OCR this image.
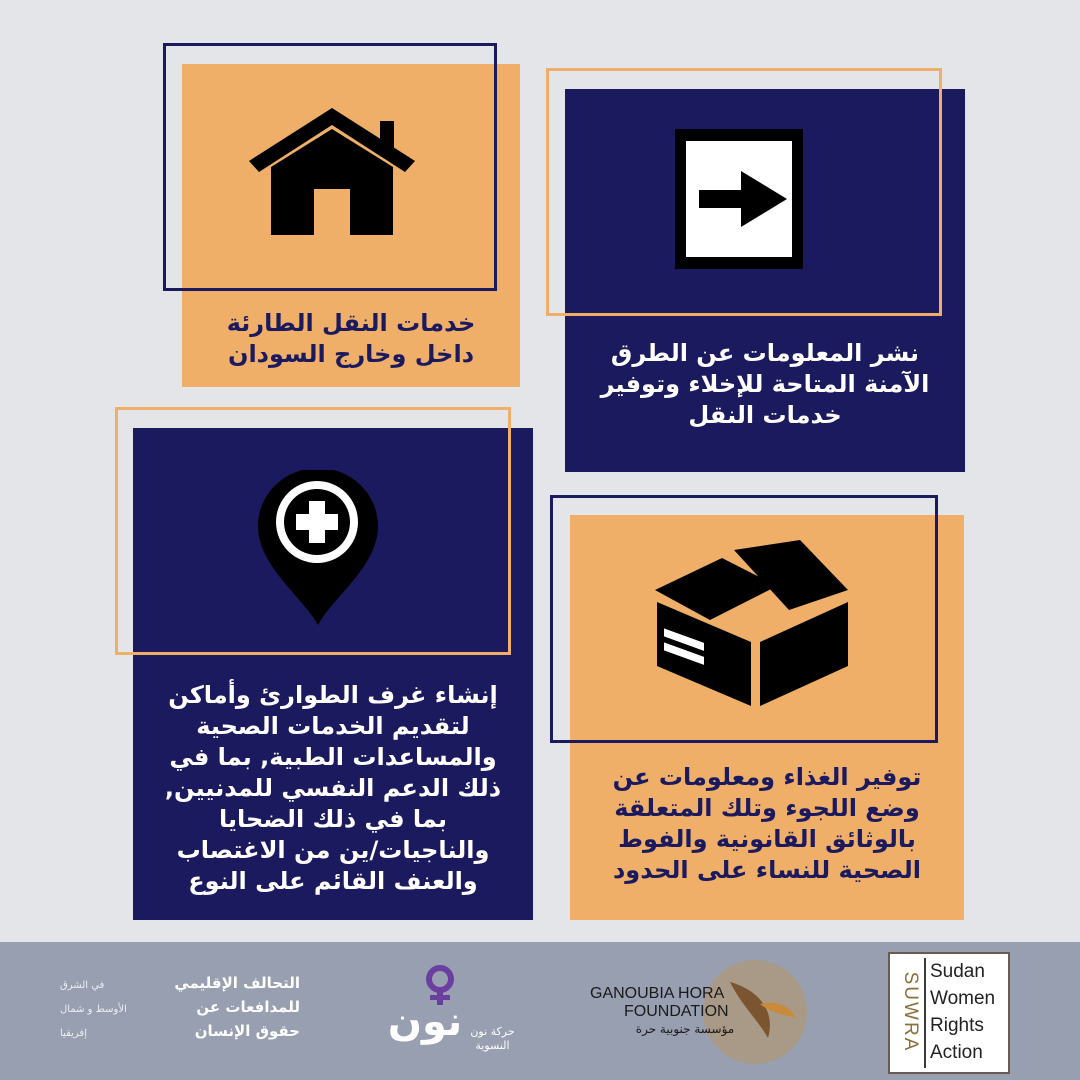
خدمات النقل الطارئة
داخل وخارج السودان	نشر المعلومات عن الطرق
الآمنة المتاحة للإخلاء وتوفير
خدمات النقل
إنشاء غرف الطوارئ وأماكن
لتقديم الخدمات الصحية
والمساعدات الطبية, بما في
ذلك الدعم النفسي للمدنيين,
بما في ذلك الضحايا
والناجيات/ين من الاغتصاب
والعنف القائم على النوع
توفير الغذاء ومعلومات عن
وضع اللجوء وتلك المتعلقة
بالوثائق القانونية والفوط
الصحية للنساء على الحدود
التحالف الإقليمي
في الشرق
للمدافعات عن
الأوسط و شمال
حقوق الإنسان
إفريقيا	نون حركة نون
النسوية
GANOUBIA HORA
FOUNDATION
مؤسسة جنوبية حرة	SUWRA
Sudan
Women
Rights
Action
